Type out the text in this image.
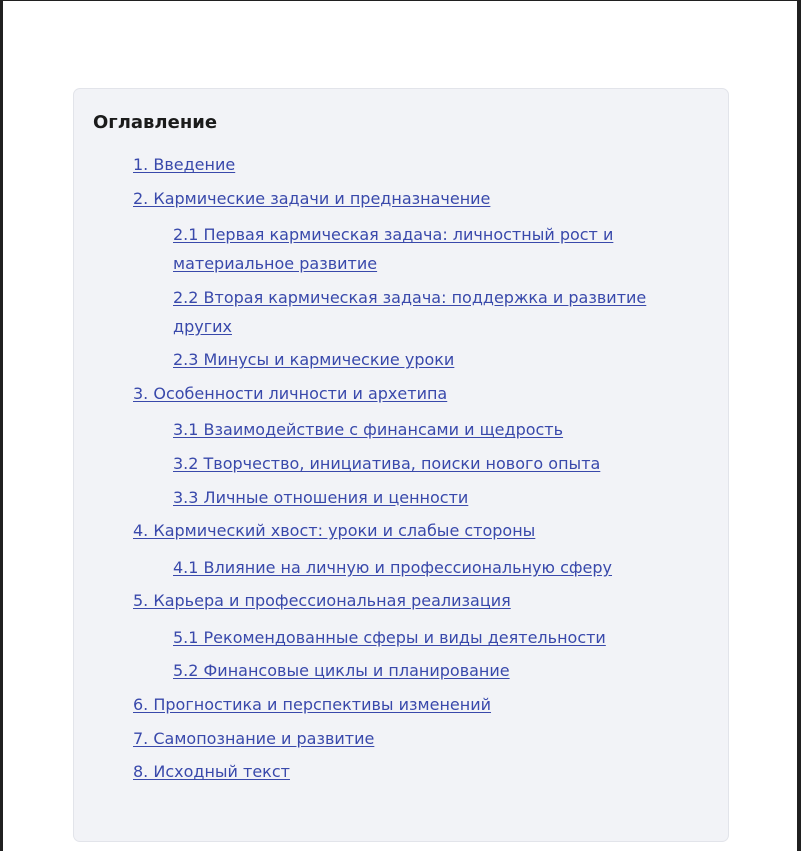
Оглавление
1. Введение
2. Кармические задачи и предназначение
2.1 Первая кармическая задача: личностный рост и материальное развитие
2.2 Вторая кармическая задача: поддержка и развитие других
2.3 Минусы и кармические уроки
3. Особенности личности и архетипа
3.1 Взаимодействие с финансами и щедрость
3.2 Творчество, инициатива, поиски нового опыта
3.3 Личные отношения и ценности
4. Кармический хвост: уроки и слабые стороны
4.1 Влияние на личную и профессиональную сферу
5. Карьера и профессиональная реализация
5.1 Рекомендованные сферы и виды деятельности
5.2 Финансовые циклы и планирование
6. Прогностика и перспективы изменений
7. Самопознание и развитие
8. Исходный текст
